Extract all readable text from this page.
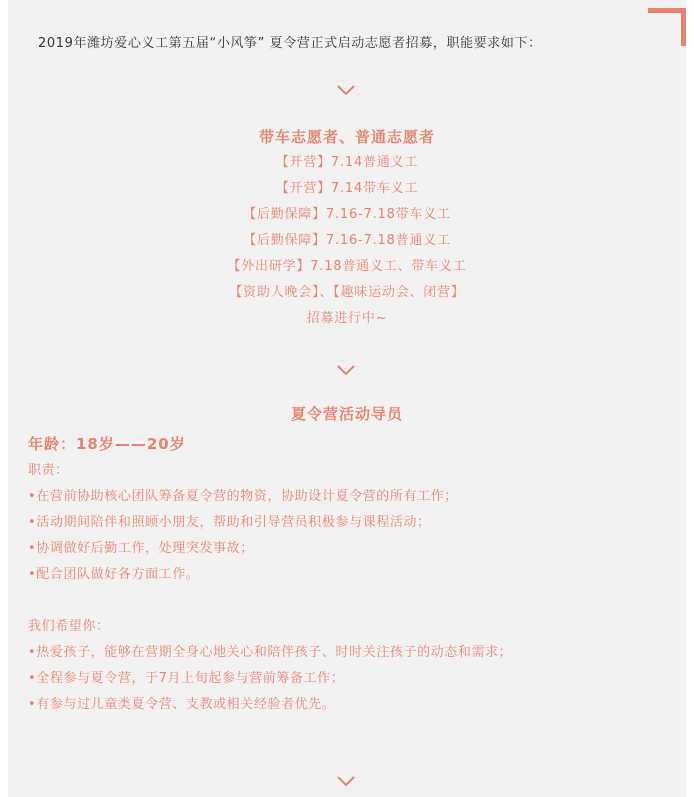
2019年潍坊爱心义工第五届“小风筝” 夏令营正式启动志愿者招募，职能要求如下：
带车志愿者、普通志愿者
【开营】7.14普通义工
【开营】7.14带车义工
【后勤保障】7.16-7.18带车义工
【后勤保障】7.16-7.18普通义工
【外出研学】7.18普通义工、带车义工
【资助人晚会】、【趣味运动会、闭营】
招募进行中~
夏令营活动导员
年龄：18岁——20岁
职责：
•在营前协助核心团队筹备夏令营的物资，协助设计夏令营的所有工作；
•活动期间陪伴和照顾小朋友，帮助和引导营员积极参与课程活动；
•协调做好后勤工作，处理突发事故；
•配合团队做好各方面工作。
我们希望你：
•热爱孩子，能够在营期全身心地关心和陪伴孩子、时时关注孩子的动态和需求；
•全程参与夏令营，于7月上旬起参与营前筹备工作；
•有参与过儿童类夏令营、支教或相关经验者优先。
